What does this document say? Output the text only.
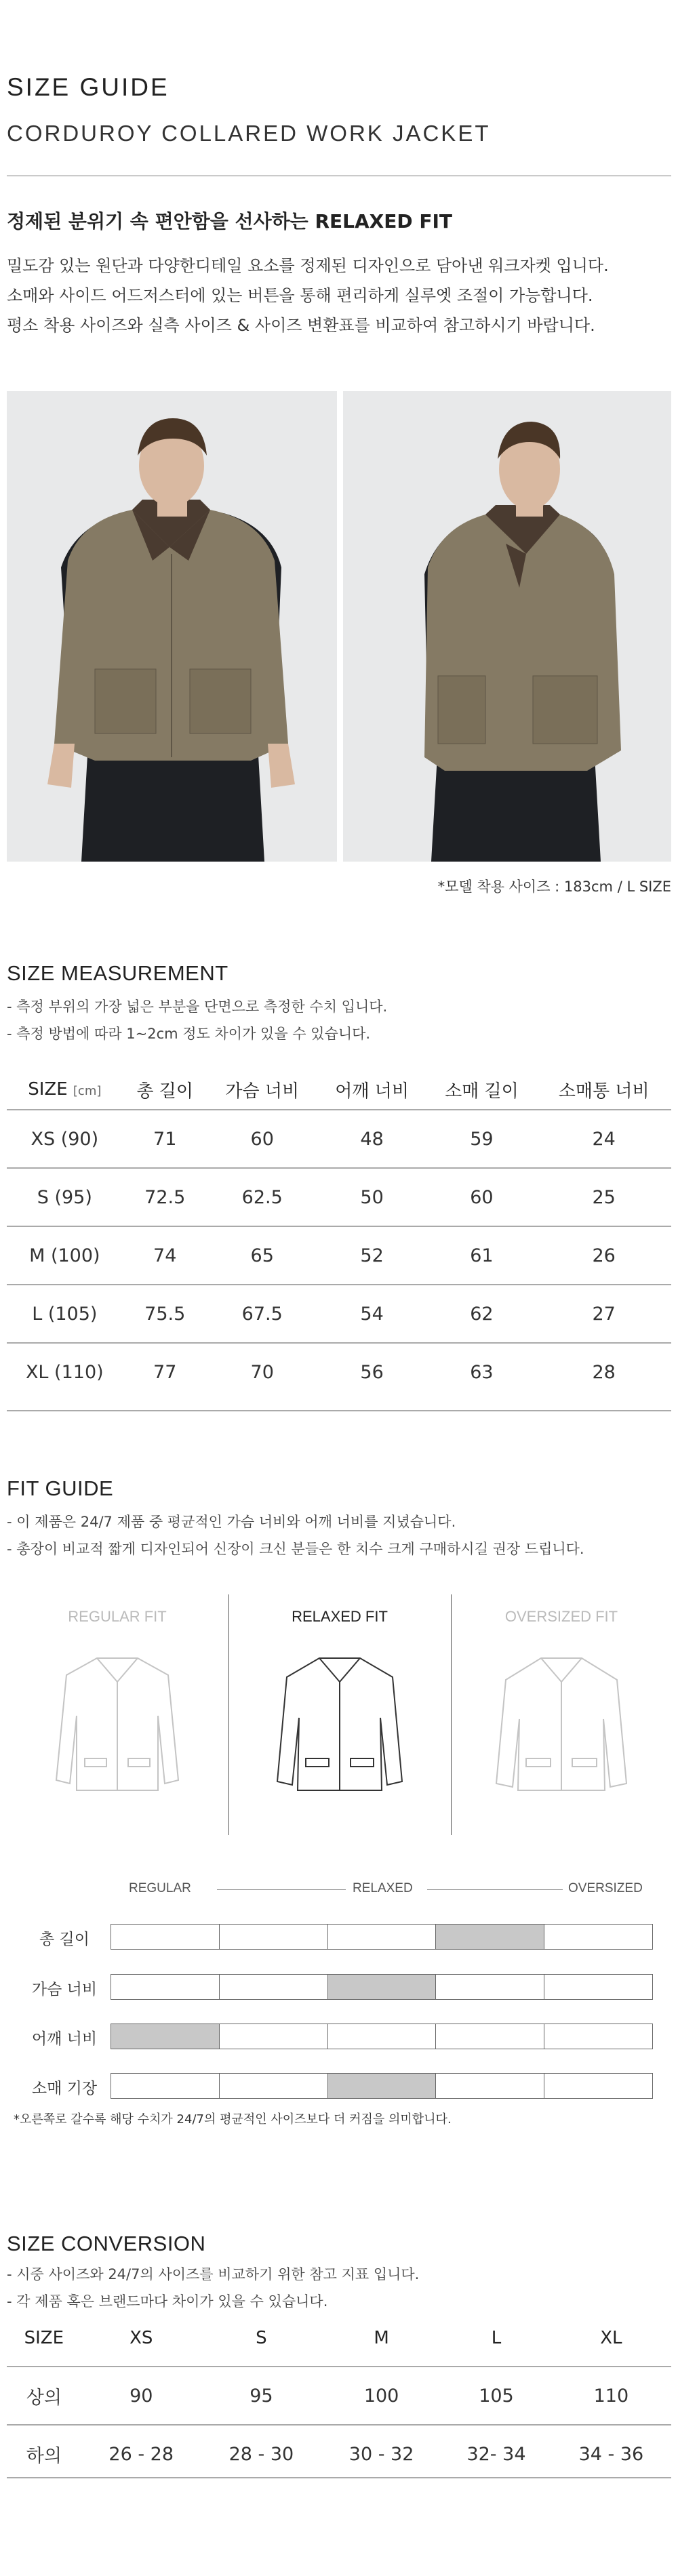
SIZE GUIDE
CORDUROY COLLARED WORK JACKET
정제된 분위기 속 편안함을 선사하는 RELAXED FIT
밀도감 있는 원단과 다양한디테일 요소를 정제된 디자인으로 담아낸 워크자켓 입니다.
소매와 사이드 어드저스터에 있는 버튼을 통해 편리하게 실루엣 조절이 가능합니다.
평소 착용 사이즈와 실측 사이즈 & 사이즈 변환표를 비교하여 참고하시기 바랍니다.
*모델 착용 사이즈 : 183cm / L SIZE
SIZE MEASUREMENT
- 측정 부위의 가장 넓은 부분을 단면으로 측정한 수치 입니다.
- 측정 방법에 따라 1~2cm 정도 차이가 있을 수 있습니다.
SIZE [cm]	총 길이	가슴 너비	어깨 너비	소매 길이	소매통 너비
XS (90)	71	60	48	59	24
S (95)	72.5	62.5	50	60	25
M (100)	74	65	52	61	26
L (105)	75.5	67.5	54	62	27
XL (110)	77	70	56	63	28
FIT GUIDE
- 이 제품은 24/7 제품 중 평균적인 가슴 너비와 어깨 너비를 지녔습니다.
- 총장이 비교적 짧게 디자인되어 신장이 크신 분들은 한 치수 크게 구매하시길 권장 드립니다.
REGULAR FIT	RELAXED FIT	OVERSIZED FIT
REGULAR	RELAXED	OVERSIZED
총 길이
가슴 너비
어깨 너비
소매 기장
*오른쪽로 갈수록 해당 수치가 24/7의 평균적인 사이즈보다 더 커짐을 의미합니다.
SIZE CONVERSION
- 시중 사이즈와 24/7의 사이즈를 비교하기 위한 참고 지표 입니다.
- 각 제품 혹은 브랜드마다 차이가 있을 수 있습니다.
SIZE	XS	S	M	L	XL
상의	90	95	100	105	110
하의	26 - 28	28 - 30	30 - 32	32- 34	34 - 36
